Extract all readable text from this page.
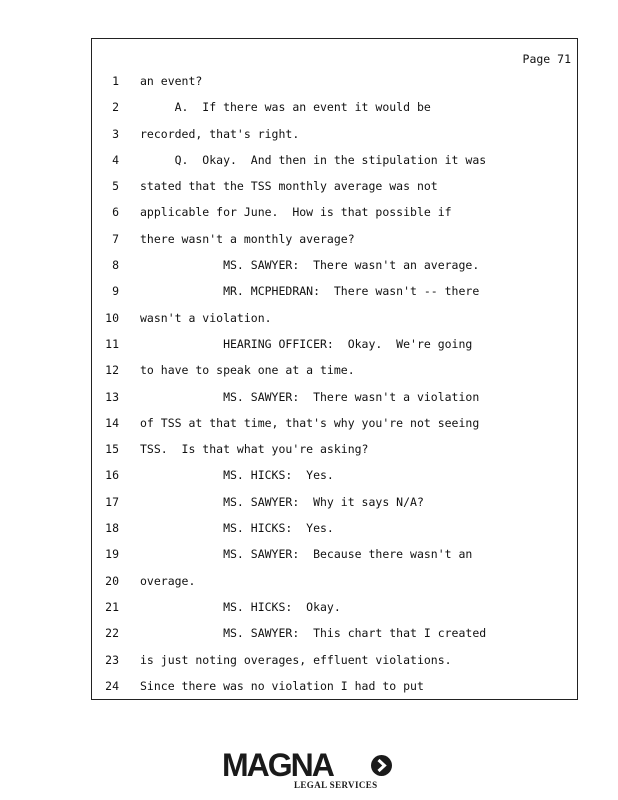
Page 71
1 an event?
2 A.  If there was an event it would be
3 recorded, that's right.
4 Q.  Okay.  And then in the stipulation it was
5 stated that the TSS monthly average was not
6 applicable for June.  How is that possible if
7 there wasn't a monthly average?
8 MS. SAWYER:  There wasn't an average.
9 MR. MCPHEDRAN:  There wasn't -- there
10 wasn't a violation.
11 HEARING OFFICER:  Okay.  We're going
12 to have to speak one at a time.
13 MS. SAWYER:  There wasn't a violation
14 of TSS at that time, that's why you're not seeing
15 TSS.  Is that what you're asking?
16 MS. HICKS:  Yes.
17 MS. SAWYER:  Why it says N/A?
18 MS. HICKS:  Yes.
19 MS. SAWYER:  Because there wasn't an
20 overage.
21 MS. HICKS:  Okay.
22 MS. SAWYER:  This chart that I created
23 is just noting overages, effluent violations.
24 Since there was no violation I had to put
MAGNA
LEGAL SERVICES
